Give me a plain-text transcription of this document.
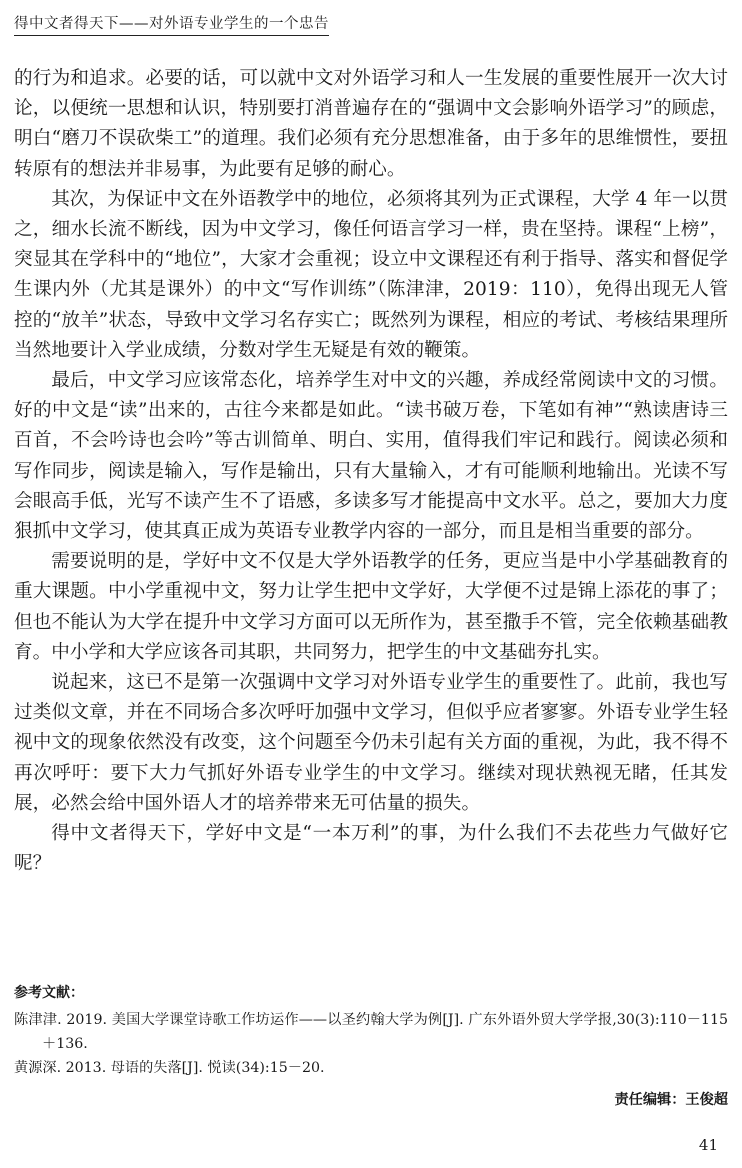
得中文者得天下——对外语专业学生的一个忠告

的行为和追求。必要的话，可以就中文对外语学习和人一生发展的重要性展开一次大讨论，以便统一思想和认识，特别要打消普遍存在的“强调中文会影响外语学习”的顾虑，明白“磨刀不误砍柴工”的道理。我们必须有充分思想准备，由于多年的思维惯性，要扭转原有的想法并非易事，为此要有足够的耐心。

其次，为保证中文在外语教学中的地位，必须将其列为正式课程，大学 4 年一以贯之，细水长流不断线，因为中文学习，像任何语言学习一样，贵在坚持。课程“上榜”，突显其在学科中的“地位”，大家才会重视；设立中文课程还有利于指导、落实和督促学生课内外（尤其是课外）的中文“写作训练”（陈津津，2019：110），免得出现无人管控的“放羊”状态，导致中文学习名存实亡；既然列为课程，相应的考试、考核结果理所当然地要计入学业成绩，分数对学生无疑是有效的鞭策。

最后，中文学习应该常态化，培养学生对中文的兴趣，养成经常阅读中文的习惯。好的中文是“读”出来的，古往今来都是如此。“读书破万卷，下笔如有神”“熟读唐诗三百首，不会吟诗也会吟”等古训简单、明白、实用，值得我们牢记和践行。阅读必须和写作同步，阅读是输入，写作是输出，只有大量输入，才有可能顺利地输出。光读不写会眼高手低，光写不读产生不了语感，多读多写才能提高中文水平。总之，要加大力度狠抓中文学习，使其真正成为英语专业教学内容的一部分，而且是相当重要的部分。

需要说明的是，学好中文不仅是大学外语教学的任务，更应当是中小学基础教育的重大课题。中小学重视中文，努力让学生把中文学好，大学便不过是锦上添花的事了；但也不能认为大学在提升中文学习方面可以无所作为，甚至撒手不管，完全依赖基础教育。中小学和大学应该各司其职，共同努力，把学生的中文基础夯扎实。

说起来，这已不是第一次强调中文学习对外语专业学生的重要性了。此前，我也写过类似文章，并在不同场合多次呼吁加强中文学习，但似乎应者寥寥。外语专业学生轻视中文的现象依然没有改变，这个问题至今仍未引起有关方面的重视，为此，我不得不再次呼吁：要下大力气抓好外语专业学生的中文学习。继续对现状熟视无睹，任其发展，必然会给中国外语人才的培养带来无可估量的损失。

得中文者得天下，学好中文是“一本万利”的事，为什么我们不去花些力气做好它呢？

参考文献：

陈津津. 2019. 美国大学课堂诗歌工作坊运作——以圣约翰大学为例[J]. 广东外语外贸大学学报,30(3):110－115＋136.

黄源深. 2013. 母语的失落[J]. 悦读(34):15－20.

责任编辑：王俊超
41
